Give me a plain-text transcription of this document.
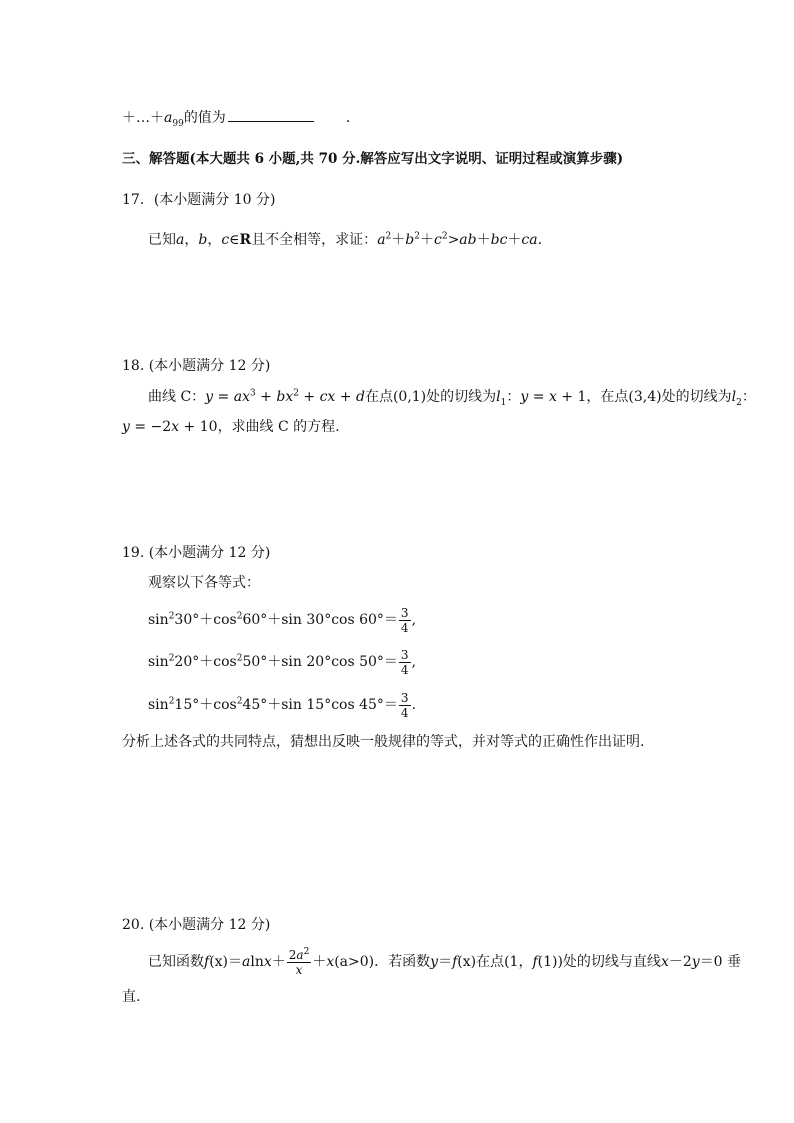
$+\dots+a_{99}$的值为	.
三、解答题(本大题共 6 小题,共 70 分.解答应写出文字说明、证明过程或演算步骤)
17．(本小题满分 10 分)
已知a，b，c∈R且不全相等，求证：$a^2+b^2+c^2>ab+bc+ca$.
18. (本小题满分 12 分)
曲线 C：$y = ax^3 + bx^2$ + cx + d在点(0,1)处的切线为$l_1$：y = x + 1，在点(3,4)处的切线为$l_2$：
y = −2x + 10，求曲线 C 的方程.
19. (本小题满分 12 分)
观察以下各等式：
$\sin^230^\circ+\cos^260^\circ+\sin$ 30°cos $60^\circ= \frac{3}{4}$ ,
$\sin^220^\circ+\cos^250^\circ+\sin$ 20°cos $50^\circ= \frac{3}{4}$ ,
$\sin^215^\circ+\cos^245^\circ+\sin$ 15°cos $45^\circ= \frac{3}{4}$ .
分析上述各式的共同特点，猜想出反映一般规律的等式，并对等式的正确性作出证明.
20. (本小题满分 12 分)
已知函数$f(x)=alnx+ \frac{2a^2}{x} +x(a>0)$．若函数y＝f(x)在点(1，f(1))处的切线与直线x－2y＝0 垂
直.
